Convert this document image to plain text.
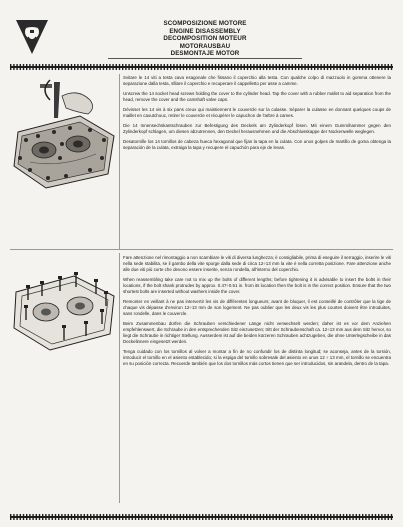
SCOMPOSIZIONE MOTORE
ENGINE DISASSEMBLY
DECOMPOSITION MOTEUR
MOTORAUSBAU
DESMONTAJE MOTOR

Svitare le 14 viti a testa cava esagonale che fissano il coperchio alla testa. Con qualche colpo di mazzuolo in gomma ottenere la separazione dalla testa, sfilare il coperchio e recuperare il cappelletto per asse a camme.

Unscrew the 14 socket head screws holding the cover to the cylinder head. Tap the cover with a rubber mallet to aid separation from the head, remove the cover and the camshaft valve caps.

Dévisser les 14 vis à six pans creux qui maintiennent le couvercle sur la culasse. Séparer la culasse en donnant quelques coups de maillet en caoutchouc, retirer le couvercle et récupérer le capuchon de l'arbre à cames.

Die 14 Innensechskantschrauben zur Befestigung des Deckels am Zylinderkopf lösen. Mit einem Gummihammer gegen den Zylinderkopf schlagen, um diesen abzutrennen, den Deckel herausnehmen und die Abschlusskappe der Nockenwelle weglegen.

Desatornille los 14 tornillos de cabeza hueca hexagonal que fijan la tapa en la culata. Con unos golpes de martillo de goma obtenga la separación de la culata, extraiga la tapa y recupere el capuchón para eje de levas.

Fare attenzione nel rimontaggio a non scambiare le viti di diversa lunghezza; è consigliabile, prima di eseguire il serraggio, inserire le viti nella sede stabilita, se il gambo della vite sporge dalla sede di circa 12÷13 mm la vite è nella corretta posizione. Fare attenzione anche alle due viti più corte che devono essere inserite, senza rondella, all'interno del coperchio.

When reassembling take care not to mix up the bolts of different lengths; before tightening it is advisable to insert the bolts in their locations, if the bolt shank protrudes by approx. 0.47÷0.51 in. from its location then the bolt is in the correct position. Ensure that the two shortest bolts are inserted without washers inside the cover.

Remonter en veillant à ne pas intervertir les vis de différentes longueurs; avant de bloquer, il est conseillé de contrôler que la tige de chaque vis dépasse d'environ 12÷13 mm de son logement. Ne pas oublier que les deux vis les plus courtes doivent être introduites, sans rondelle, dans le couvercle.

Beim Zusammenbau dürfen die Schrauben verschiedener Länge nicht verwechselt werden; daher ist es vor dem Anziehen empfehlenswert, die Schraube in den entsprechenden Sitz einzusetzen; tritt der Schraubenschaft ca. 12÷13 mm aus dem Sitz hervor, so liegt die Schraube in richtiger Stellung. Ausserdem ist auf die beiden kürzeren Schrauben achtzugeben, die ohne Unterlegscheibe in das Deckelinnere eingesetzt werden.

Tenga cuidado con los tornillos al volver a montar a fin de no confundir los de distinta longitud; se aconseja, antes de la torsión, introducir el tornillo en el asiento establecido; si la espiga del tornillo sobresale del asiento en unos 12 ÷ 13 mm, el tornillo se encuentra en su posición correcta. Recuerde también que los dos tornillos más cortos tienen que ser introducidos, sin arandela, dentro de la tapa.
